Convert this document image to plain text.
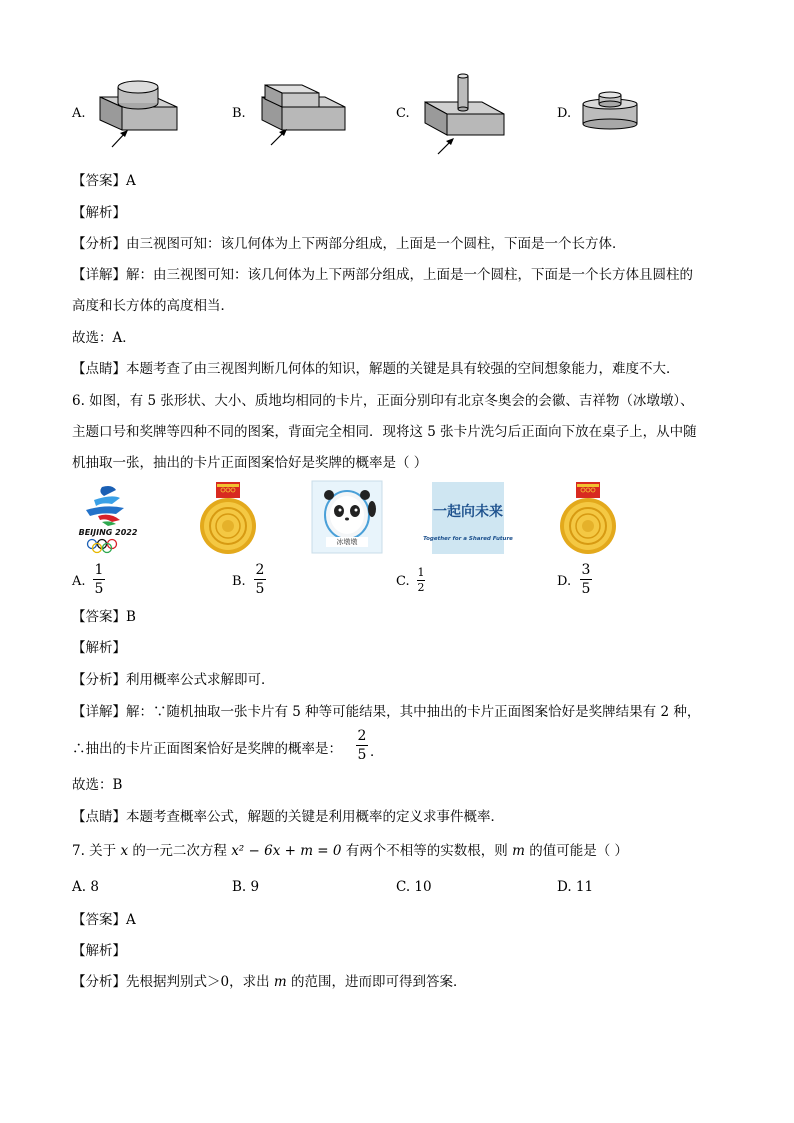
A.	B.	C.	D.
【答案】A
【解析】
【分析】由三视图可知：该几何体为上下两部分组成，上面是一个圆柱，下面是一个长方体．
【详解】解：由三视图可知：该几何体为上下两部分组成，上面是一个圆柱，下面是一个长方体且圆柱的
高度和长方体的高度相当．
故选：A．
【点睛】本题考查了由三视图判断几何体的知识，解题的关键是具有较强的空间想象能力，难度不大．
6. 如图，有 5 张形状、大小、质地均相同的卡片，正面分别印有北京冬奥会的会徽、吉祥物（冰墩墩）、
主题口号和奖牌等四种不同的图案，背面完全相同．现将这 5 张卡片洗匀后正面向下放在桌子上，从中随
机抽取一张，抽出的卡片正面图案恰好是奖牌的概率是（ ）
BEIJING 2022
冰墩墩
一起向未来
Together for a Shared Future
A.
1
5	B.
2
5	C.
1
2	D.
3
5
【答案】B
【解析】
【分析】利用概率公式求解即可．
【详解】解：∵随机抽取一张卡片有 5 种等可能结果，其中抽出的卡片正面图案恰好是奖牌结果有 2 种，
∴抽出的卡片正面图案恰好是奖牌的概率是：
2
5 ．
故选：B
【点睛】本题考查概率公式，解题的关键是利用概率的定义求事件概率．
7. 关于 x 的一元二次方程 x² − 6x + m = 0 有两个不相等的实数根，则 m 的值可能是（ ）
A. 8	B. 9	C. 10	D. 11
【答案】A
【解析】
【分析】先根据判别式＞0，求出 m 的范围，进而即可得到答案．
